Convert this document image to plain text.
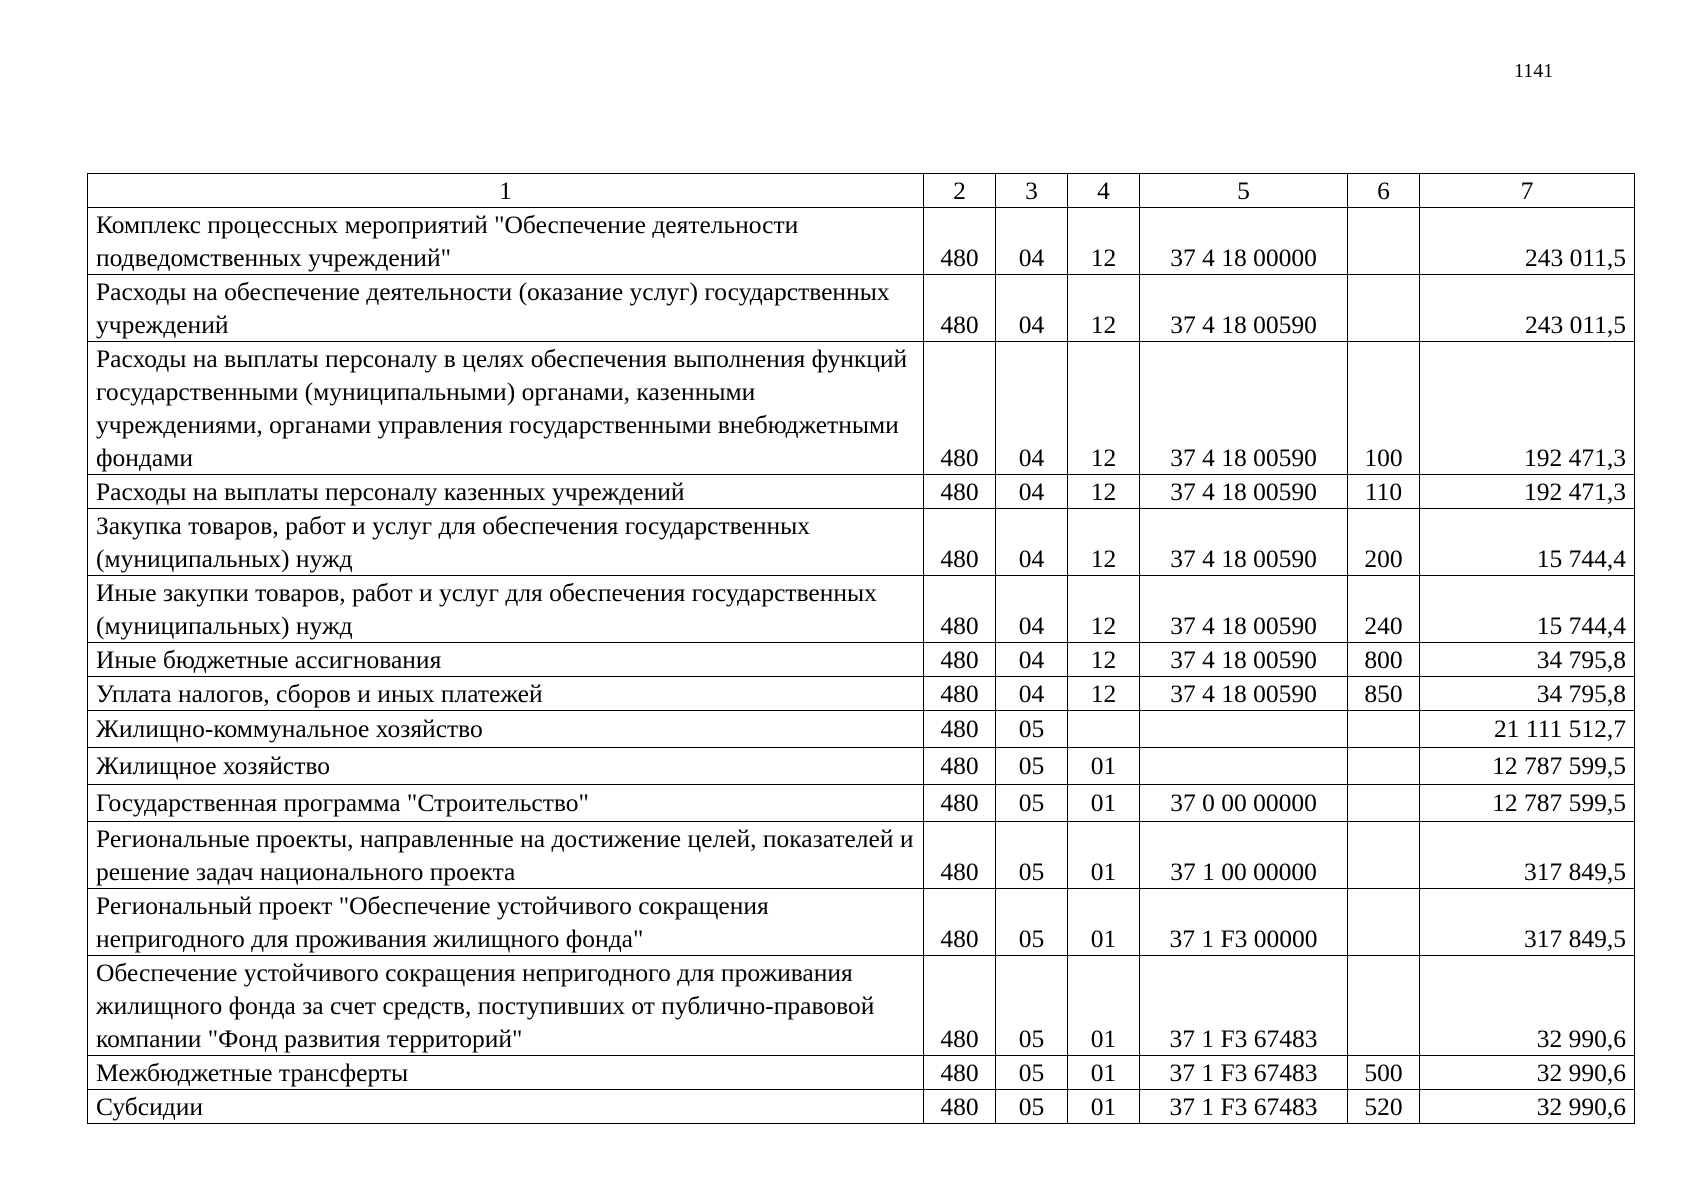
1141
1	2	3	4	5	6	7
Комплекс процессных мероприятий "Обеспечение деятельности подведомственных учреждений"	480	04	12	37 4 18 00000		243 011,5
Расходы на обеспечение деятельности (оказание услуг) государственных учреждений	480	04	12	37 4 18 00590		243 011,5
Расходы на выплаты персоналу в целях обеспечения выполнения функций государственными (муниципальными) органами, казенными учреждениями, органами управления государственными внебюджетными фондами	480	04	12	37 4 18 00590	100	192 471,3
Расходы на выплаты персоналу казенных учреждений	480	04	12	37 4 18 00590	110	192 471,3
Закупка товаров, работ и услуг для обеспечения государственных (муниципальных) нужд	480	04	12	37 4 18 00590	200	15 744,4
Иные закупки товаров, работ и услуг для обеспечения государственных (муниципальных) нужд	480	04	12	37 4 18 00590	240	15 744,4
Иные бюджетные ассигнования	480	04	12	37 4 18 00590	800	34 795,8
Уплата налогов, сборов и иных платежей	480	04	12	37 4 18 00590	850	34 795,8
Жилищно-коммунальное хозяйство	480	05				21 111 512,7
Жилищное хозяйство	480	05	01			12 787 599,5
Государственная программа "Строительство"	480	05	01	37 0 00 00000		12 787 599,5
Региональные проекты, направленные на достижение целей, показателей и решение задач национального проекта	480	05	01	37 1 00 00000		317 849,5
Региональный проект "Обеспечение устойчивого сокращения непригодного для проживания жилищного фонда"	480	05	01	37 1 F3 00000		317 849,5
Обеспечение устойчивого сокращения непригодного для проживания жилищного фонда за счет средств, поступивших от публично-правовой компании "Фонд развития территорий"	480	05	01	37 1 F3 67483		32 990,6
Межбюджетные трансферты	480	05	01	37 1 F3 67483	500	32 990,6
Субсидии	480	05	01	37 1 F3 67483	520	32 990,6
